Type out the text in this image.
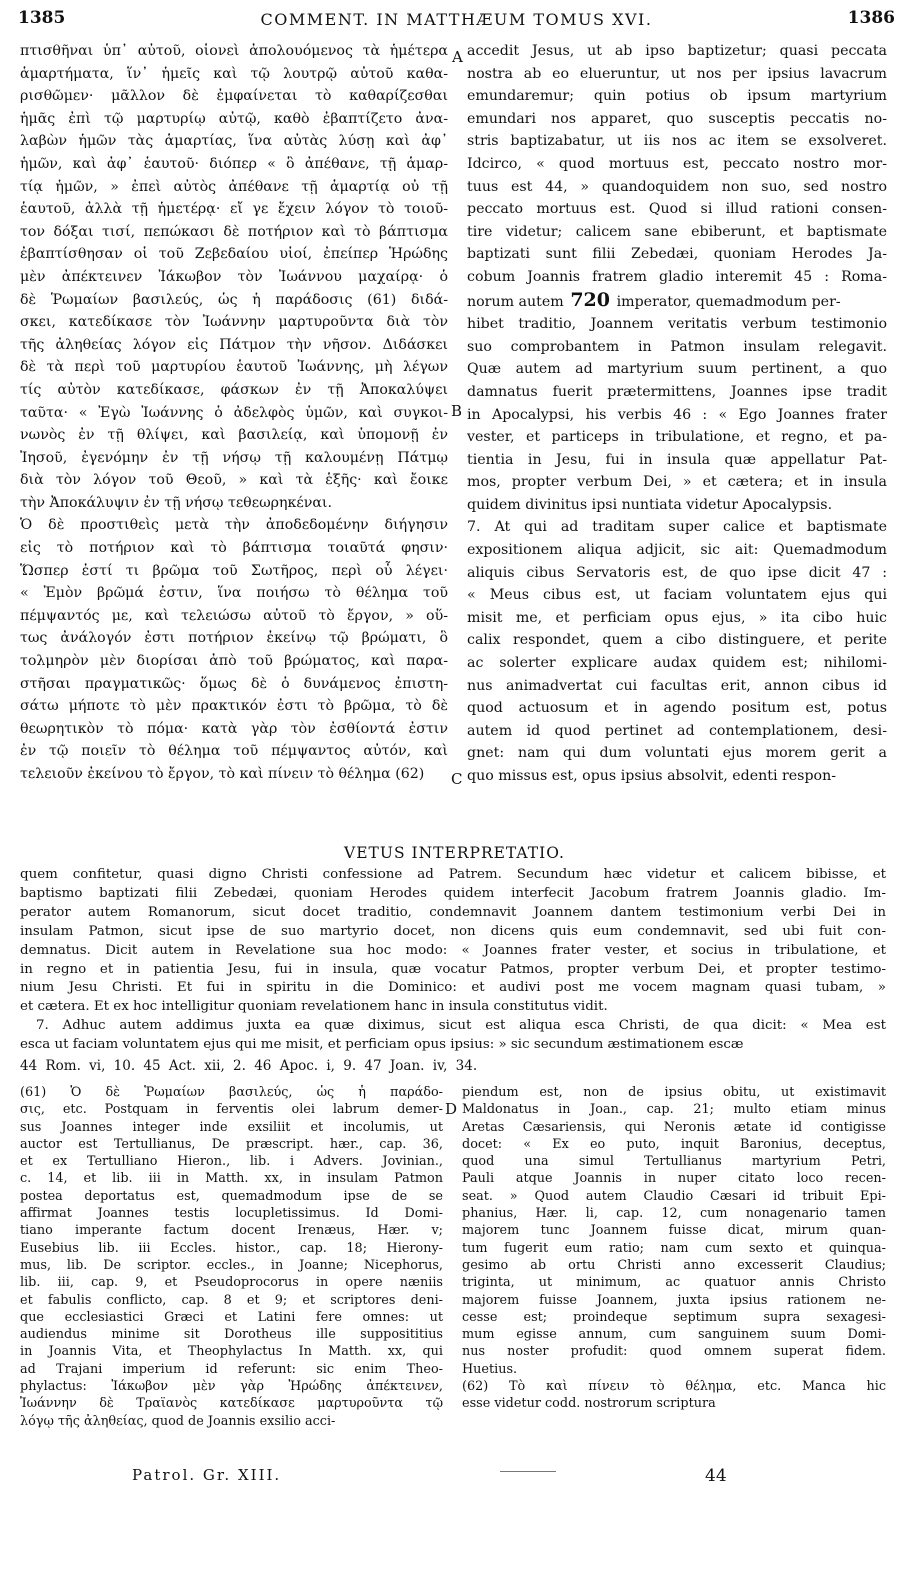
1385	COMMENT. IN MATTHÆUM TOMUS XVI.	1386
πτισθῆναι ὑπ᾽ αὐτοῦ, οἱονεὶ ἀπολουόμενος τὰ ἡμέτερα
ἁμαρτήματα, ἵν᾽ ἡμεῖς καὶ τῷ λουτρῷ αὐτοῦ καθα-
ρισθῶμεν· μᾶλλον δὲ ἐμφαίνεται τὸ καθαρίζεσθαι
ἡμᾶς ἐπὶ τῷ μαρτυρίῳ αὐτῷ, καθὸ ἐβαπτίζετο ἀνα-
λαβὼν ἡμῶν τὰς ἁμαρτίας, ἵνα αὐτὰς λύσῃ καὶ ἀφ᾽
ἡμῶν, καὶ ἀφ᾽ ἑαυτοῦ· διόπερ « ὃ ἀπέθανε, τῇ ἁμαρ-
τίᾳ ἡμῶν, » ἐπεὶ αὐτὸς ἀπέθανε τῇ ἁμαρτίᾳ οὐ τῇ
ἑαυτοῦ, ἀλλὰ τῇ ἡμετέρᾳ· εἴ γε ἔχειν λόγον τὸ τοιοῦ-
τον δόξαι τισί, πεπώκασι δὲ ποτήριον καὶ τὸ βάπτισμα
ἐβαπτίσθησαν οἱ τοῦ Ζεβεδαίου υἱοί, ἐπείπερ Ἡρώδης
μὲν ἀπέκτεινεν Ἰάκωβον τὸν Ἰωάννου μαχαίρᾳ· ὁ
δὲ Ῥωμαίων βασιλεύς, ὡς ἡ παράδοσις (61) διδά-
σκει, κατεδίκασε τὸν Ἰωάννην μαρτυροῦντα διὰ τὸν
τῆς ἀληθείας λόγον εἰς Πάτμον τὴν νῆσον. Διδάσκει
δὲ τὰ περὶ τοῦ μαρτυρίου ἑαυτοῦ Ἰωάννης, μὴ λέγων
τίς αὐτὸν κατεδίκασε, φάσκων ἐν τῇ Ἀποκαλύψει
ταῦτα· « Ἐγὼ Ἰωάννης ὁ ἀδελφὸς ὑμῶν, καὶ συγκοι-
νωνὸς ἐν τῇ θλίψει, καὶ βασιλείᾳ, καὶ ὑπομονῇ ἐν
Ἰησοῦ, ἐγενόμην ἐν τῇ νήσῳ τῇ καλουμένῃ Πάτμῳ
διὰ τὸν λόγον τοῦ Θεοῦ, » καὶ τὰ ἑξῆς· καὶ ἔοικε
τὴν Ἀποκάλυψιν ἐν τῇ νήσῳ τεθεωρηκέναι.
Ὁ δὲ προστιθεὶς μετὰ τὴν ἀποδεδομένην διήγησιν
εἰς τὸ ποτήριον καὶ τὸ βάπτισμα τοιαῦτά φησιν·
Ὥσπερ ἐστί τι βρῶμα τοῦ Σωτῆρος, περὶ οὗ λέγει·
« Ἐμὸν βρῶμά ἐστιν, ἵνα ποιήσω τὸ θέλημα τοῦ
πέμψαντός με, καὶ τελειώσω αὐτοῦ τὸ ἔργον, » οὕ-
τως ἀνάλογόν ἐστι ποτήριον ἐκείνῳ τῷ βρώματι, ὃ
τολμηρὸν μὲν διορίσαι ἀπὸ τοῦ βρώματος, καὶ παρα-
στῆσαι πραγματικῶς· ὅμως δὲ ὁ δυνάμενος ἐπιστη-
σάτω μήποτε τὸ μὲν πρακτικόν ἐστι τὸ βρῶμα, τὸ δὲ
θεωρητικὸν τὸ πόμα· κατὰ γὰρ τὸν ἐσθίοντά ἐστιν
ἐν τῷ ποιεῖν τὸ θέλημα τοῦ πέμψαντος αὐτόν, καὶ
τελειοῦν ἐκείνου τὸ ἔργον, τὸ καὶ πίνειν τὸ θέλημα (62)
accedit Jesus, ut ab ipso baptizetur; quasi peccata
nostra ab eo elueruntur, ut nos per ipsius lavacrum
emundaremur; quin potius ob ipsum martyrium
emundari nos apparet, quo susceptis peccatis no-
stris baptizabatur, ut iis nos ac item se exsolveret.
Idcirco, « quod mortuus est, peccato nostro mor-
tuus est 44, » quandoquidem non suo, sed nostro
peccato mortuus est. Quod si illud rationi consen-
tire videtur; calicem sane ebiberunt, et baptismate
baptizati sunt filii Zebedæi, quoniam Herodes Ja-
cobum Joannis fratrem gladio interemit 45 : Roma-
norum autem 720 imperator, quemadmodum per-
hibet traditio, Joannem veritatis verbum testimonio
suo comprobantem in Patmon insulam relegavit.
Quæ autem ad martyrium suum pertinent, a quo
damnatus fuerit prætermittens, Joannes ipse tradit
in Apocalypsi, his verbis 46 : « Ego Joannes frater
vester, et particeps in tribulatione, et regno, et pa-
tientia in Jesu, fui in insula quæ appellatur Pat-
mos, propter verbum Dei, » et cætera; et in insula
quidem divinitus ipsi nuntiata videtur Apocalypsis.
7. At qui ad traditam super calice et baptismate
expositionem aliqua adjicit, sic ait: Quemadmodum
aliquis cibus Servatoris est, de quo ipse dicit 47 :
« Meus cibus est, ut faciam voluntatem ejus qui
misit me, et perficiam opus ejus, » ita cibo huic
calix respondet, quem a cibo distinguere, et perite
ac solerter explicare audax quidem est; nihilomi-
nus animadvertat cui facultas erit, annon cibus id
quod actuosum et in agendo positum est, potus
autem id quod pertinet ad contemplationem, desi-
gnet: nam qui dum voluntati ejus morem gerit a
quo missus est, opus ipsius absolvit, edenti respon-
A
B
C
D
VETUS INTERPRETATIO.
quem confitetur, quasi digno Christi confessione ad Patrem. Secundum hæc videtur et calicem bibisse, et
baptismo baptizati filii Zebedæi, quoniam Herodes quidem interfecit Jacobum fratrem Joannis gladio. Im-
perator autem Romanorum, sicut docet traditio, condemnavit Joannem dantem testimonium verbi Dei in
insulam Patmon, sicut ipse de suo martyrio docet, non dicens quis eum condemnavit, sed ubi fuit con-
demnatus. Dicit autem in Revelatione sua hoc modo: « Joannes frater vester, et socius in tribulatione, et
in regno et in patientia Jesu, fui in insula, quæ vocatur Patmos, propter verbum Dei, et propter testimo-
nium Jesu Christi. Et fui in spiritu in die Dominico: et audivi post me vocem magnam quasi tubam, »
et cætera. Et ex hoc intelligitur quoniam revelationem hanc in insula constitutus vidit.
7. Adhuc autem addimus juxta ea quæ diximus, sicut est aliqua esca Christi, de qua dicit: « Mea est
esca ut faciam voluntatem ejus qui me misit, et perficiam opus ipsius: » sic secundum æstimationem escæ
44 Rom. vi, 10. 45 Act. xii, 2. 46 Apoc. i, 9. 47 Joan. iv, 34.
(61) Ὁ δὲ Ῥωμαίων βασιλεύς, ὡς ἡ παράδο-
σις, etc. Postquam in ferventis olei labrum demer-
sus Joannes integer inde exsiliit et incolumis, ut
auctor est Tertullianus, De præscript. hær., cap. 36,
et ex Tertulliano Hieron., lib. i Advers. Jovinian.,
c. 14, et lib. iii in Matth. xx, in insulam Patmon
postea deportatus est, quemadmodum ipse de se
affirmat Joannes testis locupletissimus. Id Domi-
tiano imperante factum docent Irenæus, Hær. v;
Eusebius lib. iii Eccles. histor., cap. 18; Hierony-
mus, lib. De scriptor. eccles., in Joanne; Nicephorus,
lib. iii, cap. 9, et Pseudoprocorus in opere næniis
et fabulis conflicto, cap. 8 et 9; et scriptores deni-
que ecclesiastici Græci et Latini fere omnes: ut
audiendus minime sit Dorotheus ille supposititius
in Joannis Vita, et Theophylactus In Matth. xx, qui
ad Trajani imperium id referunt: sic enim Theo-
phylactus: Ἰάκωβον μὲν γὰρ Ἡρώδης ἀπέκτεινεν,
Ἰωάννην δὲ Τραϊανὸς κατεδίκασε μαρτυροῦντα τῷ
λόγῳ τῆς ἀληθείας, quod de Joannis exsilio acci-
piendum est, non de ipsius obitu, ut existimavit
Maldonatus in Joan., cap. 21; multo etiam minus
Aretas Cæsariensis, qui Neronis ætate id contigisse
docet: « Ex eo puto, inquit Baronius, deceptus,
quod una simul Tertullianus martyrium Petri,
Pauli atque Joannis in nuper citato loco recen-
seat. » Quod autem Claudio Cæsari id tribuit Epi-
phanius, Hær. li, cap. 12, cum nonagenario tamen
majorem tunc Joannem fuisse dicat, mirum quan-
tum fugerit eum ratio; nam cum sexto et quinqua-
gesimo ab ortu Christi anno excesserit Claudius;
triginta, ut minimum, ac quatuor annis Christo
majorem fuisse Joannem, juxta ipsius rationem ne-
cesse est; proindeque septimum supra sexagesi-
mum egisse annum, cum sanguinem suum Domi-
nus noster profudit: quod omnem superat fidem.
Huetius.
(62) Τὸ καὶ πίνειν τὸ θέλημα, etc. Manca hic
esse videtur codd. nostrorum scriptura
Patrol. Gr. XIII.	44
